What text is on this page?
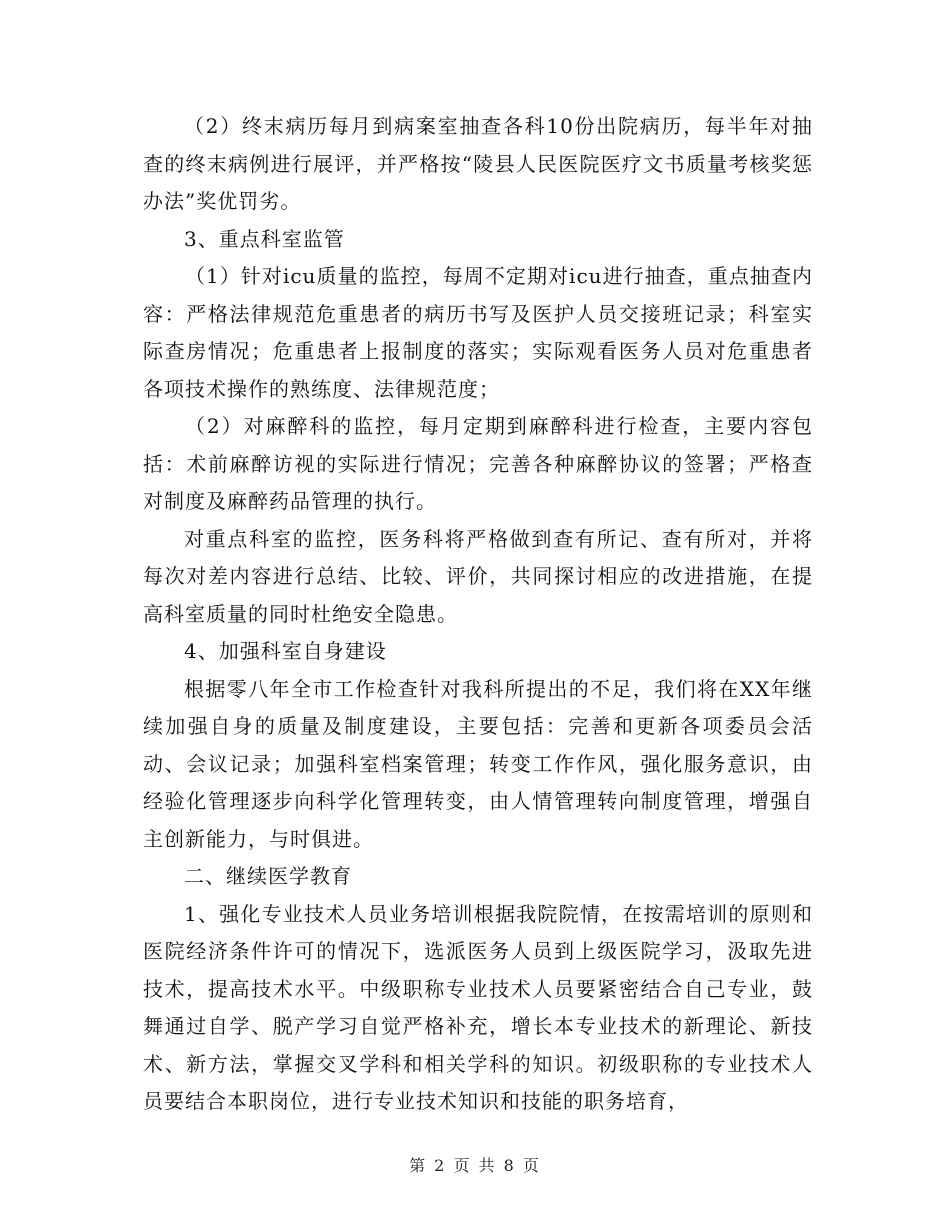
（2）终末病历每月到病案室抽查各科10份出院病历，每半年对抽查的终末病例进行展评，并严格按“陵县人民医院医疗文书质量考核奖惩办法”奖优罚劣。

3、重点科室监管

（1）针对icu质量的监控，每周不定期对icu进行抽查，重点抽查内容：严格法律规范危重患者的病历书写及医护人员交接班记录；科室实际查房情况；危重患者上报制度的落实；实际观看医务人员对危重患者各项技术操作的熟练度、法律规范度；

（2）对麻醉科的监控，每月定期到麻醉科进行检查，主要内容包括：术前麻醉访视的实际进行情况；完善各种麻醉协议的签署；严格查对制度及麻醉药品管理的执行。

对重点科室的监控，医务科将严格做到查有所记、查有所对，并将每次对差内容进行总结、比较、评价，共同探讨相应的改进措施，在提高科室质量的同时杜绝安全隐患。

4、加强科室自身建设

根据零八年全市工作检查针对我科所提出的不足，我们将在XX年继续加强自身的质量及制度建设，主要包括：完善和更新各项委员会活动、会议记录；加强科室档案管理；转变工作作风，强化服务意识，由经验化管理逐步向科学化管理转变，由人情管理转向制度管理，增强自主创新能力，与时俱进。

二、继续医学教育

1、强化专业技术人员业务培训根据我院院情，在按需培训的原则和医院经济条件许可的情况下，选派医务人员到上级医院学习，汲取先进技术，提高技术水平。中级职称专业技术人员要紧密结合自己专业，鼓舞通过自学、脱产学习自觉严格补充，增长本专业技术的新理论、新技术、新方法，掌握交叉学科和相关学科的知识。初级职称的专业技术人员要结合本职岗位，进行专业技术知识和技能的职务培育，

第 2 页 共 8 页
